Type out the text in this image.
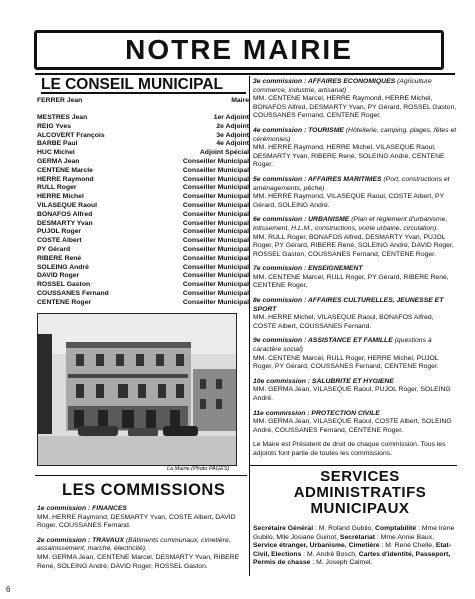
NOTRE MAIRIE
LE CONSEIL MUNICIPAL
FERRER Jean	Maire
MESTRES Jean	1er Adjoint
REIG Yves	2e Adjoint
ALCOVERT François	3e Adjoint
BARBE Paul	4e Adjoint
HUC Michel	Adjoint Spécial
GERMA Jean	Conseiller Municipal
CENTENE Marcle	Conseiller Municipal
HERRE Raymond	Conseiller Municipal
RULL Roger	Conseiller Municipal
HERRE Michel	Conseiller Municipal
VILASEQUE Raoul	Conseiller Municipal
BONAFOS Alfred	Conseiller Municipal
DESMARTY Yvan	Conseiller Municipal
PUJOL Roger	Conseiller Municipal
COSTE Albert	Conseiller Municipal
PY Gérard	Conseiller Municipal
RIBERE René	Conseiller Municipal
SOLEING André	Conseiller Municipal
DAVID Roger	Conseiller Municipal
ROSSEL Gaston	Conseiller Municipal
COUSSANES Fernand	Conseiller Municipal
CENTENE Roger	Conseiller Municipal
3e commission : AFFAIRES ECONOMIQUES (Agriculture commerce, industrie, artisanat)
MM. CENTENE Marcel, HERRE Raymond, HERRE Michel, BONAFOS Alfred, DESMARTY Yvan, PY Gérard, ROSSEL Gaston, COUSSANES Fernand, CENTENE Roger.
4e commission : TOURISME (Hôtellerie, camping, plages, fêtes et cérémonies)
MM. HERRE Raymond, HERRE Michel, VILASEQUE Raoul, DESMARTY Yvan, RIBERE René, SOLEING André, CENTENE Roger.
5e commission : AFFAIRES MARITIMES (Port, constructions et aménagements, pêche)
MM. HERRE Raymond, VILASEQUE Raoul, COSTE Albert, PY Gérard, SOLEING André.
6e commission : URBANISME (Plan et règlement d'urbanisme, lotissement, H.L.M., constructions, voirie urbaine, circulation).
MM. RULL Roger, BONAFOS Alfred, DESMARTY Yvan, PUJOL Roger, PY Gérard, RIBERE René, SOLEING André, DAVID Roger, ROSSEL Gaston, COUSSANES Fernand, CENTENE Roger.
7e commission : ENSEIGNEMENT
MM. CENTENE Marcel, RULL Roger, PY Gérard, RIBERE René, CENTENE Roger.
8e commission : AFFAIRES CULTURELLES, JEUNESSE ET SPORT
MM. HERRE Michel, VILASEQUE Raoul, BONAFOS Alfred, COSTE Albert, COUSSANES Fernand.
9e commission : ASSISTANCE ET FAMILLE (questions à caractère social)
MM. CENTENE Marcel, RULL Roger, HERRE Michel, PUJOL Roger, PY Gérard, COUSSANES Fernand, CENTENE Roger.
10e commission : SALUBRITE ET HYGIENE
MM. GERMA Jean, VILASEQUE Raoul, PUJOL Roger, SOLEING André.
11e commission : PROTECTION CIVILE
MM. GERMA Jean, VILASEQUE Raoul, COSTE Albert, SOLEING André, COUSSANES Fernand, CENTENE Roger.
Le Maire est Président de droit de chaque commission. Tous les adjoints font partie de toutes les commissions.
La Mairie (Photo PAGES)
LES COMMISSIONS
1e commission : FINANCES
MM. HERRE Raymond, DESMARTY Yvan, COSTE Albert, DAVID Roger, COUSSANES Fernand.
2e commission : TRAVAUX (Bâtiments communaux, cimetière, assainissement, marché, électricité).
MM. GERMA Jean, CENTENE Marcel, DESMARTY Yvan, RIBERE René, SOLEING André, DAVID Roger, ROSSEL Gaston.
SERVICES ADMINISTRATIFS MUNICIPAUX
Secrétaire Général : M. Roland Gubilo, Comptabilité : Mme Irène Gubilo, Mlle Josiane Guinot, Secrétariat : Mme Annie Baux, Service étranger, Urbanisme, Cimetière : M. René Chelle, Etat-Civil, Elections : M. André Bosch, Cartes d'identité, Passeport, Permis de chasse : M. Joseph Calmel.
6
